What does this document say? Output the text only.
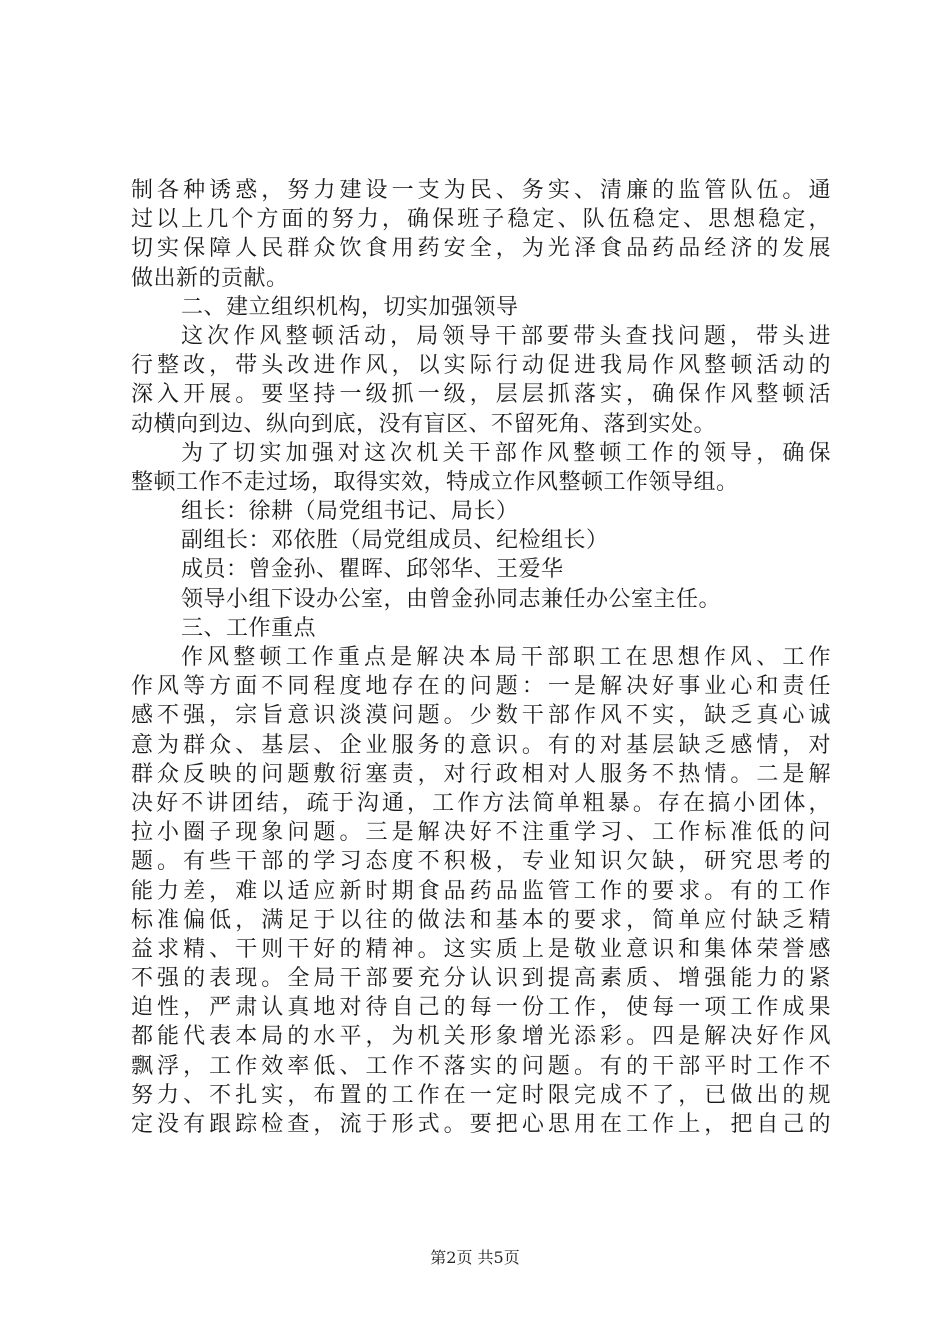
制各种诱惑，努力建设一支为民、务实、清廉的监管队伍。通
过以上几个方面的努力，确保班子稳定、队伍稳定、思想稳定，
切实保障人民群众饮食用药安全，为光泽食品药品经济的发展
做出新的贡献。
二、建立组织机构，切实加强领导
这次作风整顿活动，局领导干部要带头查找问题，带头进
行整改，带头改进作风，以实际行动促进我局作风整顿活动的
深入开展。要坚持一级抓一级，层层抓落实，确保作风整顿活
动横向到边、纵向到底，没有盲区、不留死角、落到实处。
为了切实加强对这次机关干部作风整顿工作的领导，确保
整顿工作不走过场，取得实效，特成立作风整顿工作领导组。
组长：徐耕（局党组书记、局长）
副组长：邓依胜（局党组成员、纪检组长）
成员：曾金孙、瞿晖、邱邻华、王爱华
领导小组下设办公室，由曾金孙同志兼任办公室主任。
三、工作重点
作风整顿工作重点是解决本局干部职工在思想作风、工作
作风等方面不同程度地存在的问题：一是解决好事业心和责任
感不强，宗旨意识淡漠问题。少数干部作风不实，缺乏真心诚
意为群众、基层、企业服务的意识。有的对基层缺乏感情，对
群众反映的问题敷衍塞责，对行政相对人服务不热情。二是解
决好不讲团结，疏于沟通，工作方法简单粗暴。存在搞小团体，
拉小圈子现象问题。三是解决好不注重学习、工作标准低的问
题。有些干部的学习态度不积极，专业知识欠缺，研究思考的
能力差，难以适应新时期食品药品监管工作的要求。有的工作
标准偏低，满足于以往的做法和基本的要求，简单应付缺乏精
益求精、干则干好的精神。这实质上是敬业意识和集体荣誉感
不强的表现。全局干部要充分认识到提高素质、增强能力的紧
迫性，严肃认真地对待自己的每一份工作，使每一项工作成果
都能代表本局的水平，为机关形象增光添彩。四是解决好作风
飘浮，工作效率低、工作不落实的问题。有的干部平时工作不
努力、不扎实，布置的工作在一定时限完成不了，已做出的规
定没有跟踪检查，流于形式。要把心思用在工作上，把自己的
第2页 共5页
